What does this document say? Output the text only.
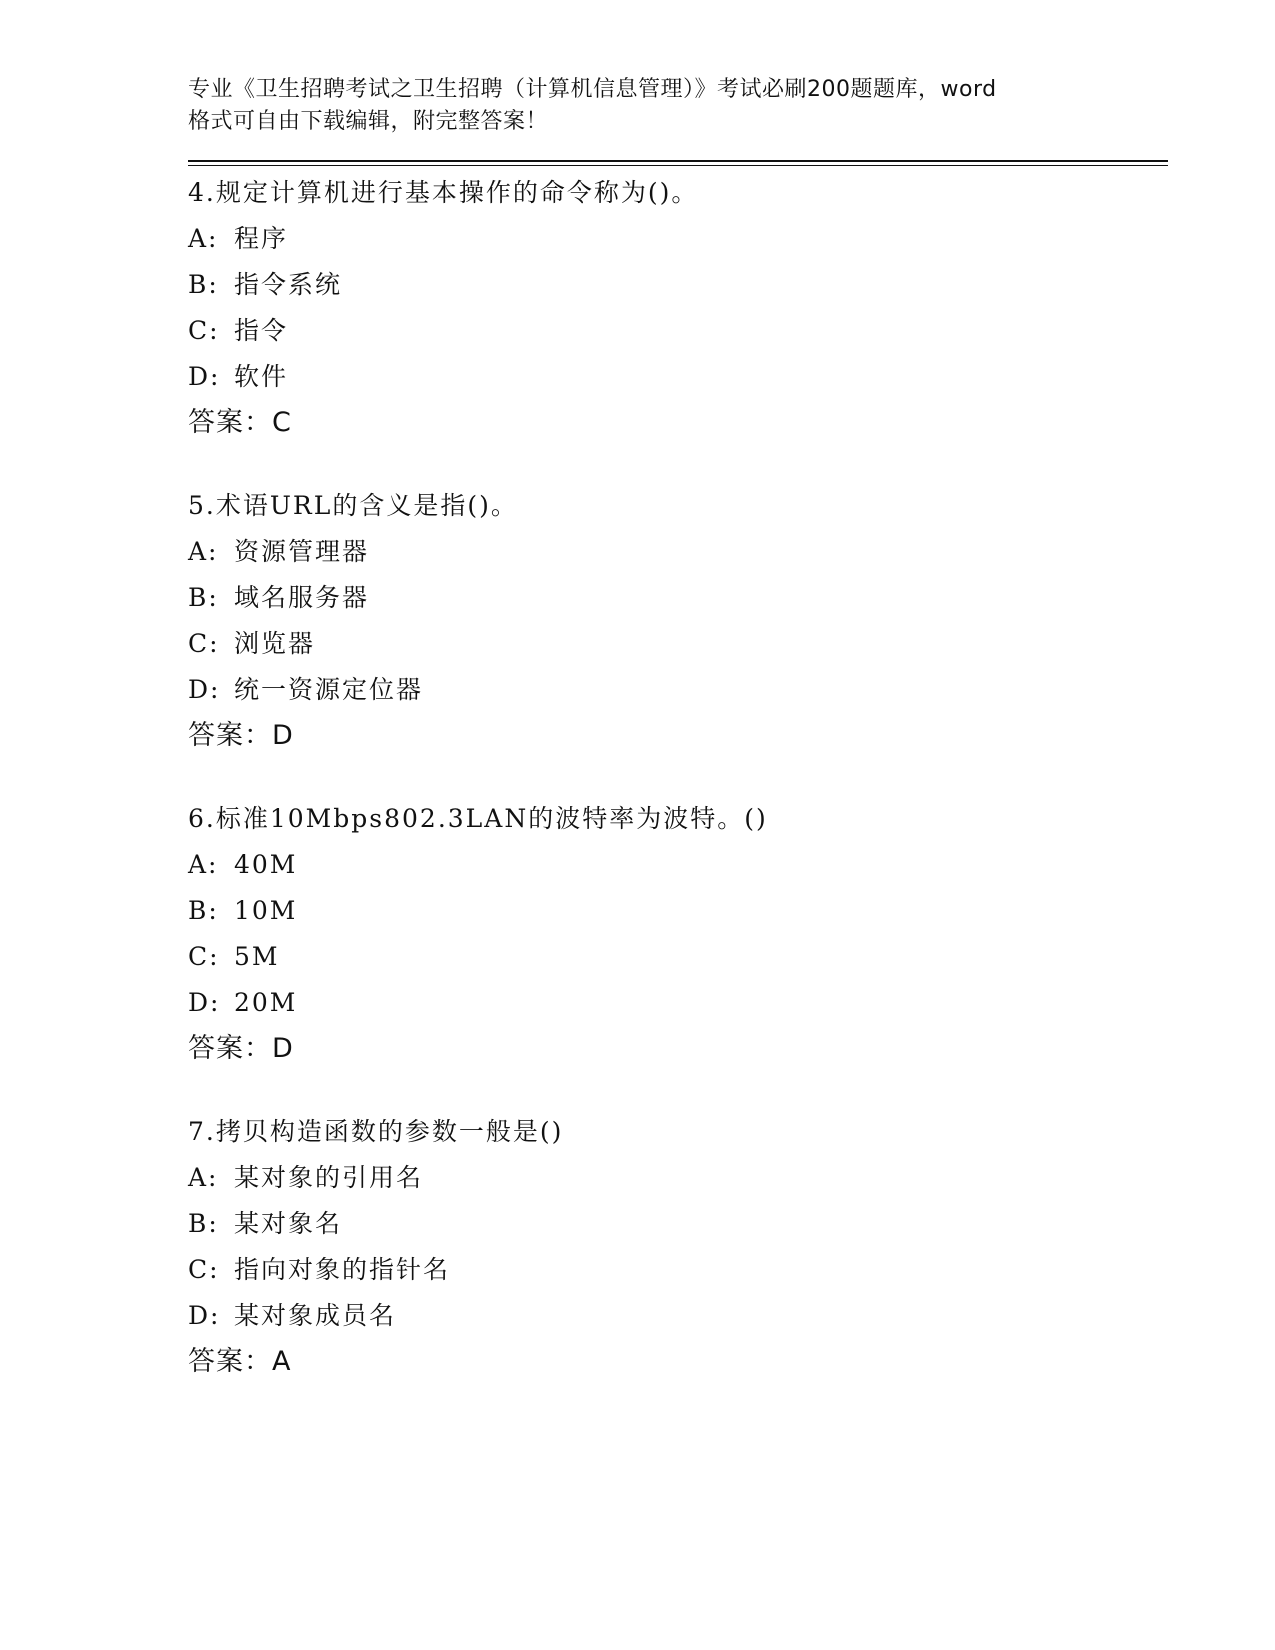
专业《卫生招聘考试之卫生招聘（计算机信息管理）》考试必刷200题题库，word

格式可自由下载编辑，附完整答案！

4.规定计算机进行基本操作的命令称为()。
A: 程序
B: 指令系统
C: 指令
D: 软件
答案：C
5.术语URL的含义是指()。
A: 资源管理器
B: 域名服务器
C: 浏览器
D: 统一资源定位器
答案：D
6.标准10Mbps802.3LAN的波特率为波特。()
A: 40M
B: 10M
C: 5M
D: 20M
答案：D
7.拷贝构造函数的参数一般是()
A: 某对象的引用名
B: 某对象名
C: 指向对象的指针名
D: 某对象成员名
答案：A
